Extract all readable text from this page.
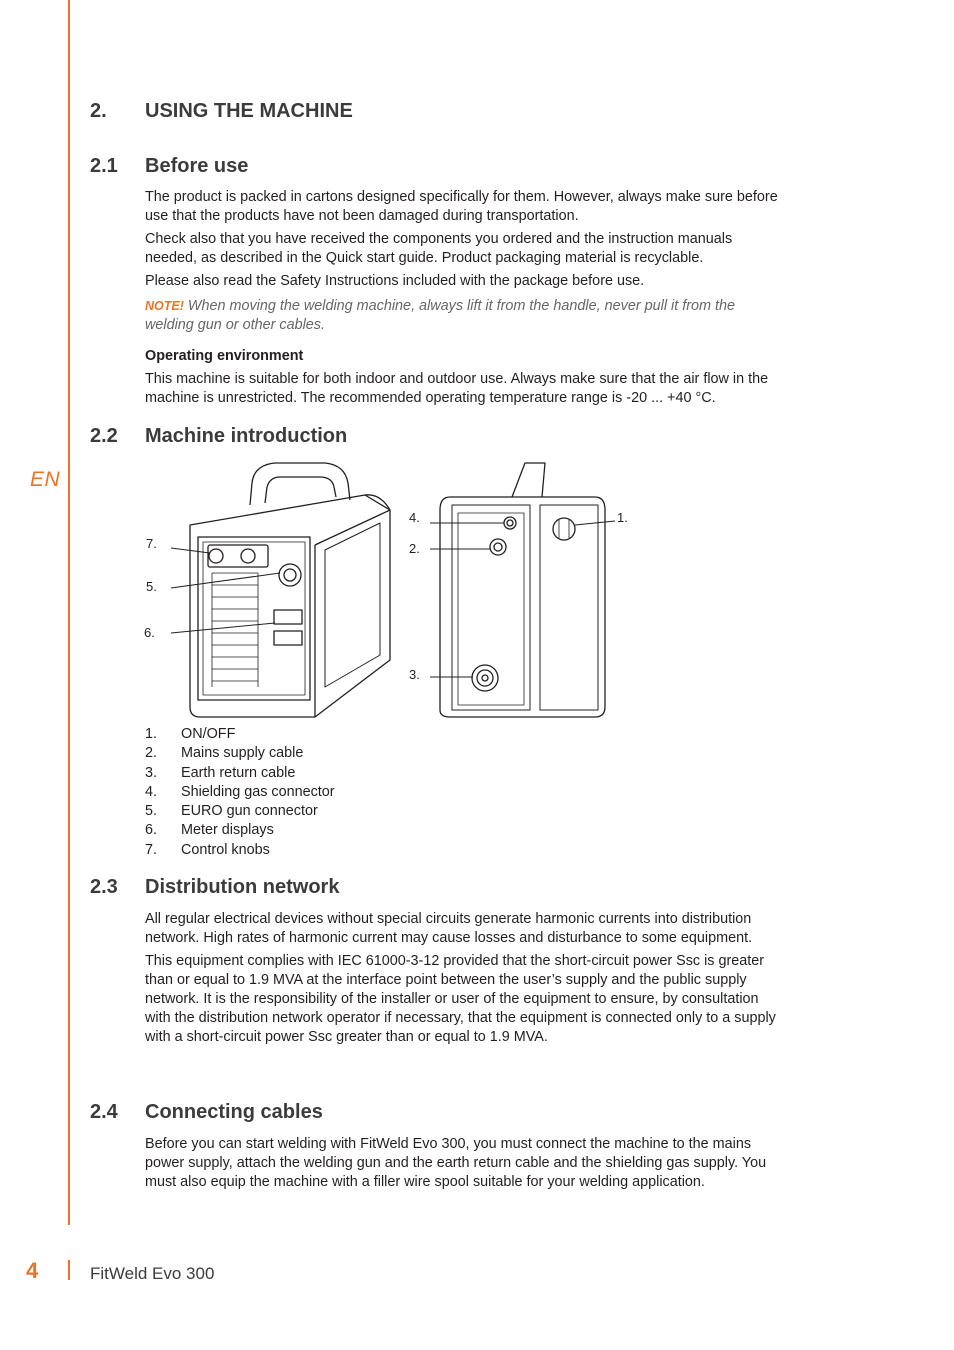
EN
4	FitWeld Evo 300
2. USING THE MACHINE
2.1 Before use

The product is packed in cartons designed specifically for them. However, always make sure before use that the products have not been damaged during transportation.

Check also that you have received the components you ordered and the instruction manuals needed, as described in the Quick start guide. Product packaging material is recyclable.

Please also read the Safety Instructions included with the package before use.

NOTE! When moving the welding machine, always lift it from the handle, never pull it from the welding gun or other cables.

Operating environment

This machine is suitable for both indoor and outdoor use. Always make sure that the air flow in the machine is unrestricted. The recommended operating temperature range is -20 ... +40 °C.

2.2 Machine introduction
7.
5.
6.
4.
2.
3.
1.
1.	ON/OFF
2.	Mains supply cable
3.	Earth return cable
4.	Shielding gas connector
5.	EURO gun connector
6.	Meter displays
7.	Control knobs
2.3 Distribution network

All regular electrical devices without special circuits generate harmonic currents into distribution network. High rates of harmonic current may cause losses and disturbance to some equipment.

This equipment complies with IEC 61000-3-12 provided that the short-circuit power Ssc is greater than or equal to 1.9 MVA at the interface point between the user’s supply and the public supply network. It is the responsibility of the installer or user of the equipment to ensure, by consultation with the distribution network operator if necessary, that the equipment is connected only to a supply with a short-circuit power Ssc greater than or equal to 1.9 MVA.

2.4 Connecting cables

Before you can start welding with FitWeld Evo 300, you must connect the machine to the mains power supply, attach the welding gun and the earth return cable and the shielding gas supply. You must also equip the machine with a filler wire spool suitable for your welding application.
